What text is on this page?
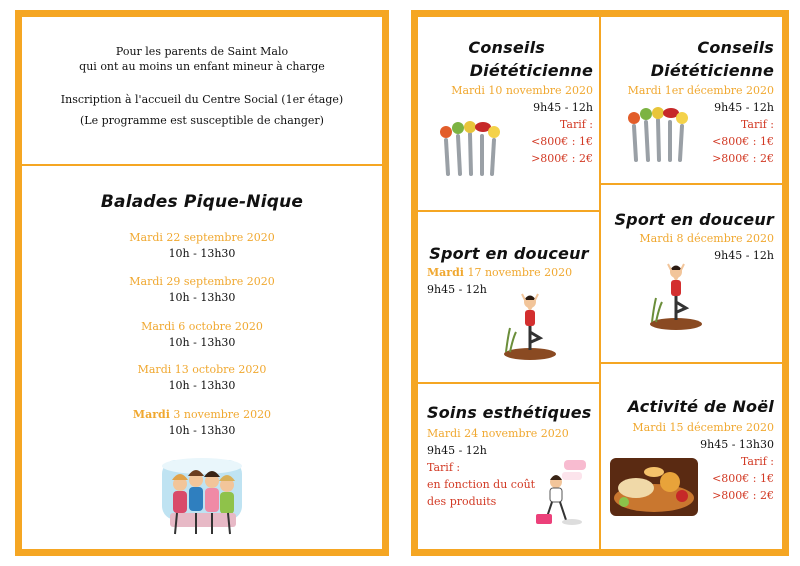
Pour les parents de Saint Malo
qui ont au moins un enfant mineur à charge
Inscription à l'accueil du Centre Social (1er étage)
(Le programme est susceptible de changer)
Balades Pique-Nique
Mardi 22 septembre 2020
10h - 13h30
Mardi 29 septembre 2020
10h - 13h30
Mardi 6 octobre 2020
10h - 13h30
Mardi 13 octobre 2020
10h - 13h30
Mardi 3 novembre 2020
10h - 13h30
Conseils
Diététicienne
Mardi 10 novembre 2020
9h45 - 12h
Tarif :
<800€ : 1€
>800€ : 2€
Conseils
Diététicienne
Mardi 1er décembre 2020
9h45 - 12h
Tarif :
<800€ : 1€
>800€ : 2€
Sport en douceur
Mardi 17 novembre 2020
9h45 - 12h
Sport en douceur
Mardi 8 décembre 2020
9h45 - 12h
Soins esthétiques
Mardi 24 novembre 2020
9h45 - 12h
Tarif :
en fonction du coût
des produits
Activité de Noël
Mardi 15 décembre 2020
9h45 - 13h30
Tarif :
<800€ : 1€
>800€ : 2€
